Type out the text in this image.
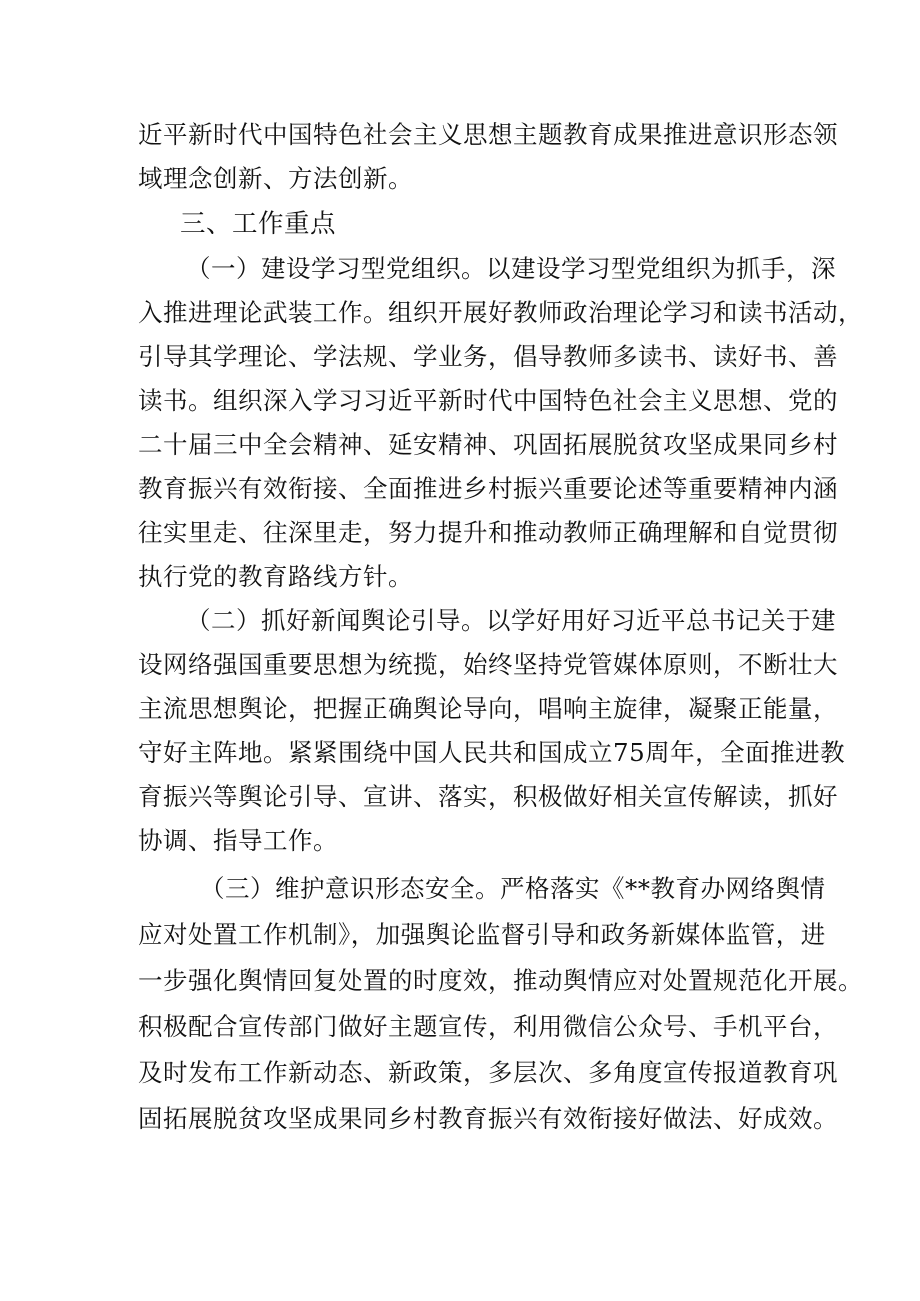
近平新时代中国特色社会主义思想主题教育成果推进意识形态领
域理念创新、方法创新。
三、工作重点
（一）建设学习型党组织。以建设学习型党组织为抓手，深
入推进理论武装工作。组织开展好教师政治理论学习和读书活动，
引导其学理论、学法规、学业务，倡导教师多读书、读好书、善
读书。组织深入学习习近平新时代中国特色社会主义思想、党的
二十届三中全会精神、延安精神、巩固拓展脱贫攻坚成果同乡村
教育振兴有效衔接、全面推进乡村振兴重要论述等重要精神内涵
往实里走、往深里走，努力提升和推动教师正确理解和自觉贯彻
执行党的教育路线方针。
（二）抓好新闻舆论引导。以学好用好习近平总书记关于建
设网络强国重要思想为统揽，始终坚持党管媒体原则，不断壮大
主流思想舆论，把握正确舆论导向，唱响主旋律，凝聚正能量，
守好主阵地。紧紧围绕中国人民共和国成立75周年，全面推进教
育振兴等舆论引导、宣讲、落实，积极做好相关宣传解读，抓好
协调、指导工作。
（三）维护意识形态安全。严格落实《**教育办网络舆情
应对处置工作机制》，加强舆论监督引导和政务新媒体监管，进
一步强化舆情回复处置的时度效，推动舆情应对处置规范化开展。
积极配合宣传部门做好主题宣传，利用微信公众号、手机平台，
及时发布工作新动态、新政策，多层次、多角度宣传报道教育巩
固拓展脱贫攻坚成果同乡村教育振兴有效衔接好做法、好成效。
